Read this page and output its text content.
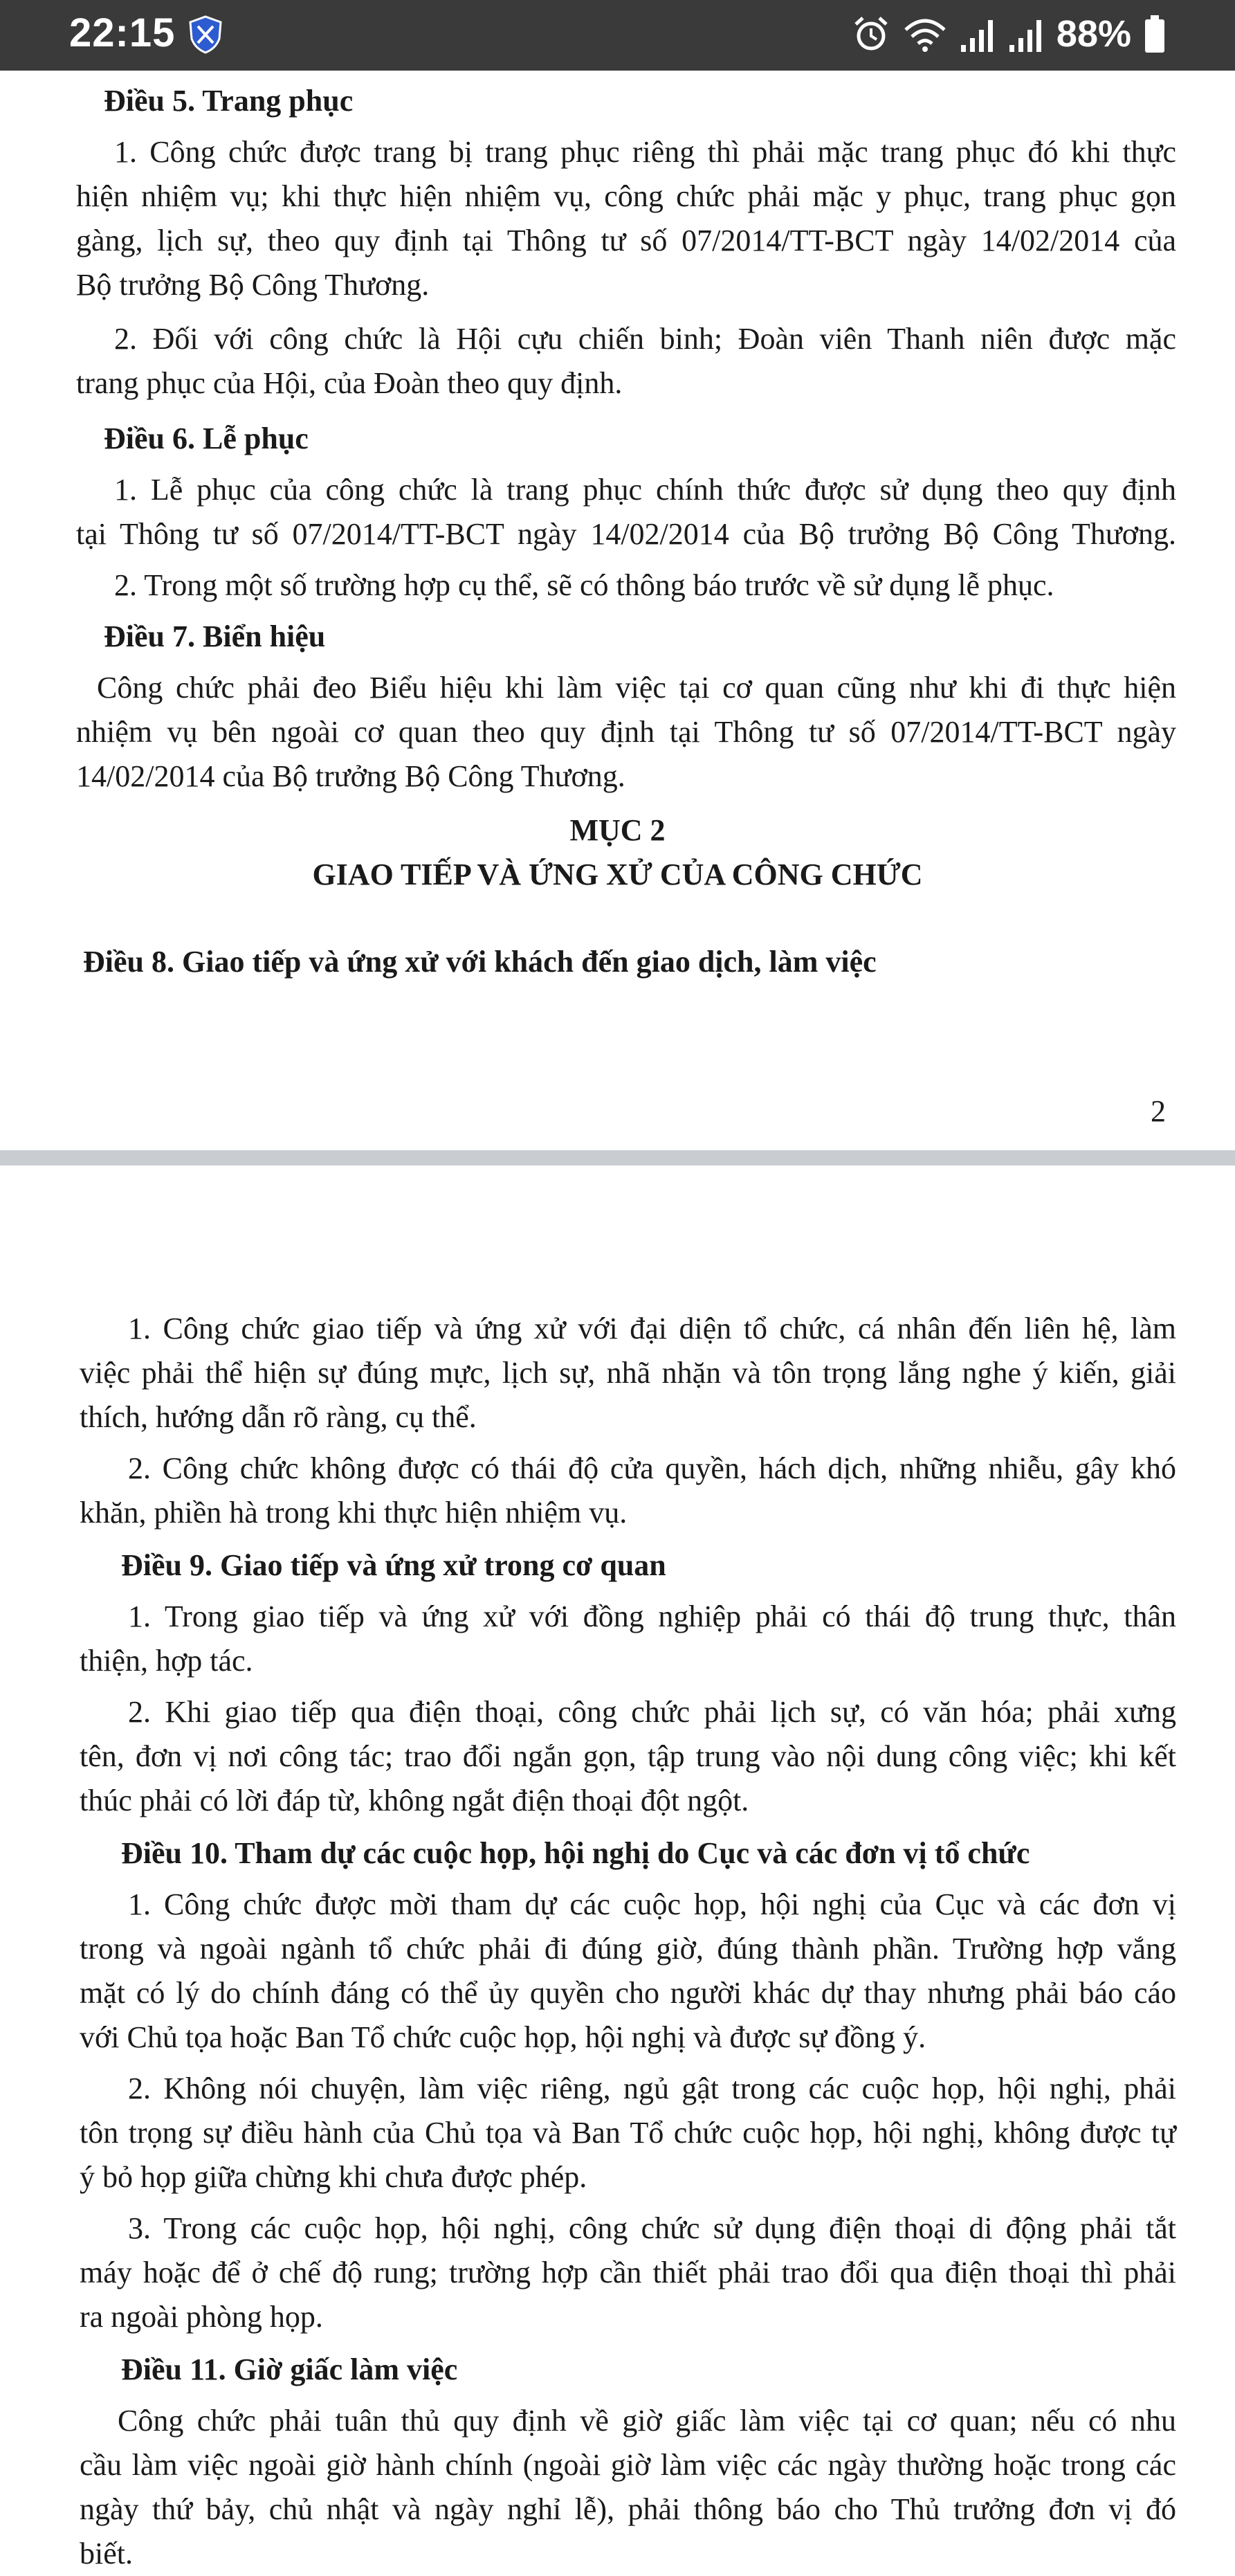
22:15	88%
Điều 5. Trang phục
1. Công chức được trang bị trang phục riêng thì phải mặc trang phục đó khi thực
hiện nhiệm vụ; khi thực hiện nhiệm vụ, công chức phải mặc y phục, trang phục gọn
gàng, lịch sự, theo quy định tại Thông tư số 07/2014/TT-BCT ngày 14/02/2014 của
Bộ trưởng Bộ Công Thương.
2. Đối với công chức là Hội cựu chiến binh; Đoàn viên Thanh niên được mặc
trang phục của Hội, của Đoàn theo quy định.
Điều 6. Lễ phục
1. Lễ phục của công chức là trang phục chính thức được sử dụng theo quy định
tại Thông tư số 07/2014/TT-BCT ngày 14/02/2014 của Bộ trưởng Bộ Công Thương.
2. Trong một số trường hợp cụ thể, sẽ có thông báo trước về sử dụng lễ phục.
Điều 7. Biển hiệu
Công chức phải đeo Biểu hiệu khi làm việc tại cơ quan cũng như khi đi thực hiện
nhiệm vụ bên ngoài cơ quan theo quy định tại Thông tư số 07/2014/TT-BCT ngày
14/02/2014 của Bộ trưởng Bộ Công Thương.
MỤC 2
GIAO TIẾP VÀ ỨNG XỬ CỦA CÔNG CHỨC
Điều 8. Giao tiếp và ứng xử với khách đến giao dịch, làm việc
2
1. Công chức giao tiếp và ứng xử với đại diện tổ chức, cá nhân đến liên hệ, làm
việc phải thể hiện sự đúng mực, lịch sự, nhã nhặn và tôn trọng lắng nghe ý kiến, giải
thích, hướng dẫn rõ ràng, cụ thể.
2. Công chức không được có thái độ cửa quyền, hách dịch, những nhiễu, gây khó
khăn, phiền hà trong khi thực hiện nhiệm vụ.
Điều 9. Giao tiếp và ứng xử trong cơ quan
1. Trong giao tiếp và ứng xử với đồng nghiệp phải có thái độ trung thực, thân
thiện, hợp tác.
2. Khi giao tiếp qua điện thoại, công chức phải lịch sự, có văn hóa; phải xưng
tên, đơn vị nơi công tác; trao đổi ngắn gọn, tập trung vào nội dung công việc; khi kết
thúc phải có lời đáp từ, không ngắt điện thoại đột ngột.
Điều 10. Tham dự các cuộc họp, hội nghị do Cục và các đơn vị tổ chức
1. Công chức được mời tham dự các cuộc họp, hội nghị của Cục và các đơn vị
trong và ngoài ngành tổ chức phải đi đúng giờ, đúng thành phần. Trường hợp vắng
mặt có lý do chính đáng có thể ủy quyền cho người khác dự thay nhưng phải báo cáo
với Chủ tọa hoặc Ban Tổ chức cuộc họp, hội nghị và được sự đồng ý.
2. Không nói chuyện, làm việc riêng, ngủ gật trong các cuộc họp, hội nghị, phải
tôn trọng sự điều hành của Chủ tọa và Ban Tổ chức cuộc họp, hội nghị, không được tự
ý bỏ họp giữa chừng khi chưa được phép.
3. Trong các cuộc họp, hội nghị, công chức sử dụng điện thoại di động phải tắt
máy hoặc để ở chế độ rung; trường hợp cần thiết phải trao đổi qua điện thoại thì phải
ra ngoài phòng họp.
Điều 11. Giờ giấc làm việc
Công chức phải tuân thủ quy định về giờ giấc làm việc tại cơ quan; nếu có nhu
cầu làm việc ngoài giờ hành chính (ngoài giờ làm việc các ngày thường hoặc trong các
ngày thứ bảy, chủ nhật và ngày nghỉ lễ), phải thông báo cho Thủ trưởng đơn vị đó
biết.
